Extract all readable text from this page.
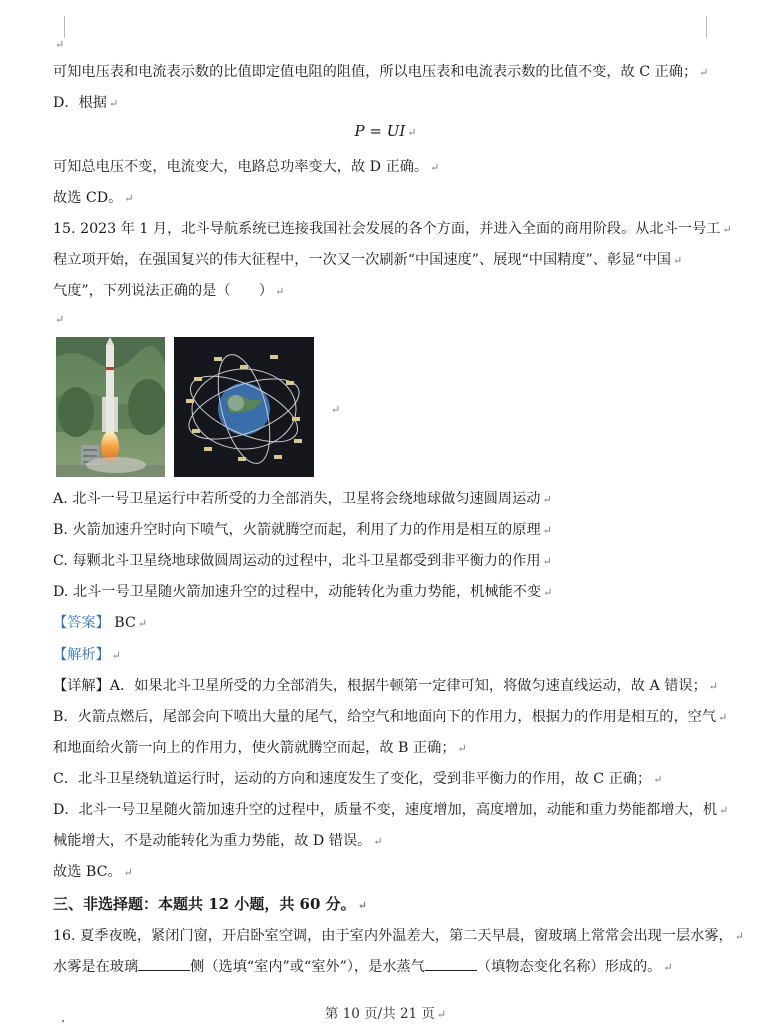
↵
可知电压表和电流表示数的比值即定值电阻的阻值，所以电压表和电流表示数的比值不变，故 C 正确； ↵
D．根据 ↵
可知总电压不变，电流变大，电路总功率变大，故 D 正确。 ↵
故选 CD。 ↵
15. 2023 年 1 月，北斗导航系统已连接我国社会发展的各个方面，并进入全面的商用阶段。从北斗一号工 ↵
程立项开始，在强国复兴的伟大征程中，一次又一次刷新“中国速度”、展现“中国精度”、彰显“中国 ↵
气度”，下列说法正确的是（　　） ↵
↵
P = UI ↵
↵
A. 北斗一号卫星运行中若所受的力全部消失，卫星将会绕地球做匀速圆周运动 ↵
B. 火箭加速升空时向下喷气，火箭就腾空而起，利用了力的作用是相互的原理 ↵
C. 每颗北斗卫星绕地球做圆周运动的过程中，北斗卫星都受到非平衡力的作用 ↵
D. 北斗一号卫星随火箭加速升空的过程中，动能转化为重力势能，机械能不变 ↵
【答案】 BC ↵
【解析】 ↵
【详解】A．如果北斗卫星所受的力全部消失，根据牛顿第一定律可知，将做匀速直线运动，故 A 错误； ↵
B．火箭点燃后，尾部会向下喷出大量的尾气，给空气和地面向下的作用力，根据力的作用是相互的，空气 ↵
和地面给火箭一向上的作用力，使火箭就腾空而起，故 B 正确； ↵
C．北斗卫星绕轨道运行时，运动的方向和速度发生了变化，受到非平衡力的作用，故 C 正确； ↵
D．北斗一号卫星随火箭加速升空的过程中，质量不变，速度增加，高度增加，动能和重力势能都增大，机 ↵
械能增大，不是动能转化为重力势能，故 D 错误。 ↵
故选 BC。 ↵
三、非选择题：本题共 12 小题，共 60 分。 ↵
16. 夏季夜晚，紧闭门窗，开启卧室空调，由于室内外温差大，第二天早晨，窗玻璃上常常会出现一层水雾， ↵
水雾是在玻璃	侧（选填“室内”或“室外”），是水蒸气	（填物态变化名称）形成的。 ↵
第 10 页/共 21 页 ↵
